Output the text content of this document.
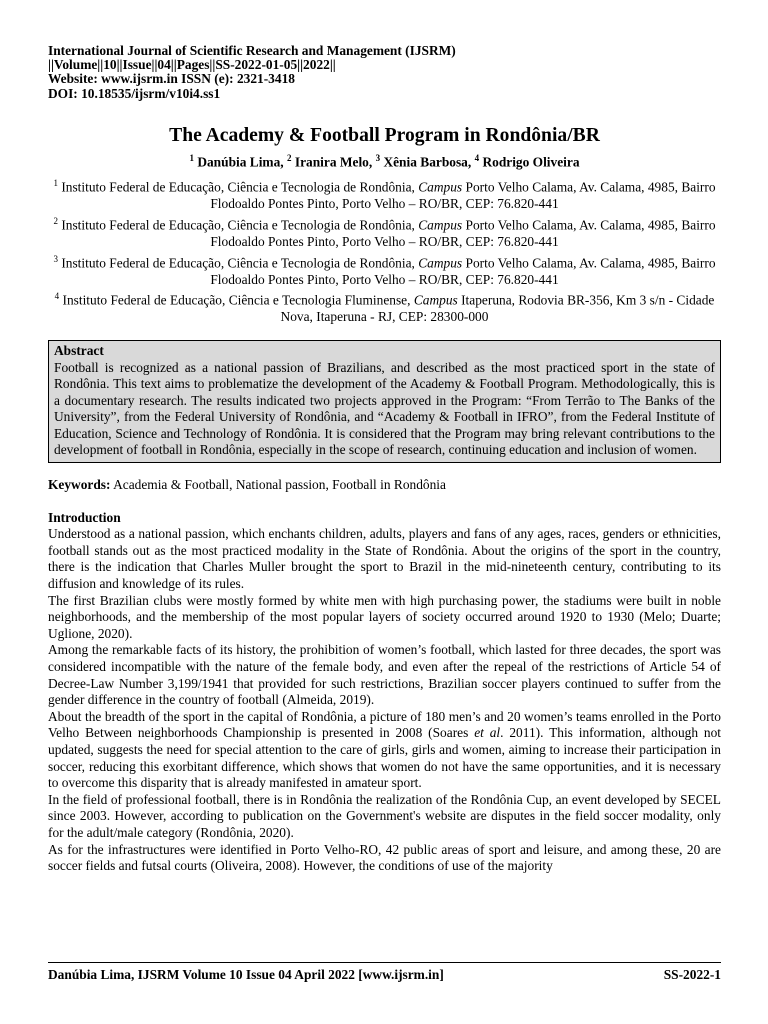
International Journal of Scientific Research and Management (IJSRM)
||Volume||10||Issue||04||Pages||SS-2022-01-05||2022||
Website: www.ijsrm.in ISSN (e): 2321-3418
DOI: 10.18535/ijsrm/v10i4.ss1
The Academy & Football Program in Rondônia/BR
$^1$ Danúbia Lima, $^2$ Iranira Melo, $^3$ Xênia Barbosa, $^4$ Rodrigo Oliveira
$^1$ Instituto Federal de Educação, Ciência e Tecnologia de Rondônia, Campus Porto Velho Calama, Av. Calama, 4985, Bairro Flodoaldo Pontes Pinto, Porto Velho – RO/BR, CEP: 76.820-441
$^2$ Instituto Federal de Educação, Ciência e Tecnologia de Rondônia, Campus Porto Velho Calama, Av. Calama, 4985, Bairro Flodoaldo Pontes Pinto, Porto Velho – RO/BR, CEP: 76.820-441
$^3$ Instituto Federal de Educação, Ciência e Tecnologia de Rondônia, Campus Porto Velho Calama, Av. Calama, 4985, Bairro Flodoaldo Pontes Pinto, Porto Velho – RO/BR, CEP: 76.820-441
$^4$ Instituto Federal de Educação, Ciência e Tecnologia Fluminense, Campus Itaperuna, Rodovia BR-356, Km 3 s/n - Cidade Nova, Itaperuna - RJ, CEP: 28300-000
Abstract
Football is recognized as a national passion of Brazilians, and described as the most practiced sport in the state of Rondônia. This text aims to problematize the development of the Academy & Football Program. Methodologically, this is a documentary research. The results indicated two projects approved in the Program: “From Terrão to The Banks of the University”, from the Federal University of Rondônia, and “Academy & Football in IFRO”, from the Federal Institute of Education, Science and Technology of Rondônia. It is considered that the Program may bring relevant contributions to the development of football in Rondônia, especially in the scope of research, continuing education and inclusion of women.
Keywords: Academia & Football, National passion, Football in Rondônia
Introduction

Understood as a national passion, which enchants children, adults, players and fans of any ages, races, genders or ethnicities, football stands out as the most practiced modality in the State of Rondônia. About the origins of the sport in the country, there is the indication that Charles Muller brought the sport to Brazil in the mid-nineteenth century, contributing to its diffusion and knowledge of its rules.

The first Brazilian clubs were mostly formed by white men with high purchasing power, the stadiums were built in noble neighborhoods, and the membership of the most popular layers of society occurred around 1920 to 1930 (Melo; Duarte; Uglione, 2020).

Among the remarkable facts of its history, the prohibition of women’s football, which lasted for three decades, the sport was considered incompatible with the nature of the female body, and even after the repeal of the restrictions of Article 54 of Decree-Law Number 3,199/1941 that provided for such restrictions, Brazilian soccer players continued to suffer from the gender difference in the country of football (Almeida, 2019).

About the breadth of the sport in the capital of Rondônia, a picture of 180 men’s and 20 women’s teams enrolled in the Porto Velho Between neighborhoods Championship is presented in 2008 (Soares et al. 2011). This information, although not updated, suggests the need for special attention to the care of girls, girls and women, aiming to increase their participation in soccer, reducing this exorbitant difference, which shows that women do not have the same opportunities, and it is necessary to overcome this disparity that is already manifested in amateur sport.

In the field of professional football, there is in Rondônia the realization of the Rondônia Cup, an event developed by SECEL since 2003. However, according to publication on the Government's website are disputes in the field soccer modality, only for the adult/male category (Rondônia, 2020).

As for the infrastructures were identified in Porto Velho-RO, 42 public areas of sport and leisure, and among these, 20 are soccer fields and futsal courts (Oliveira, 2008). However, the conditions of use of the majority

Danúbia Lima, IJSRM Volume 10 Issue 04 April 2022 [www.ijsrm.in]	SS-2022-1
